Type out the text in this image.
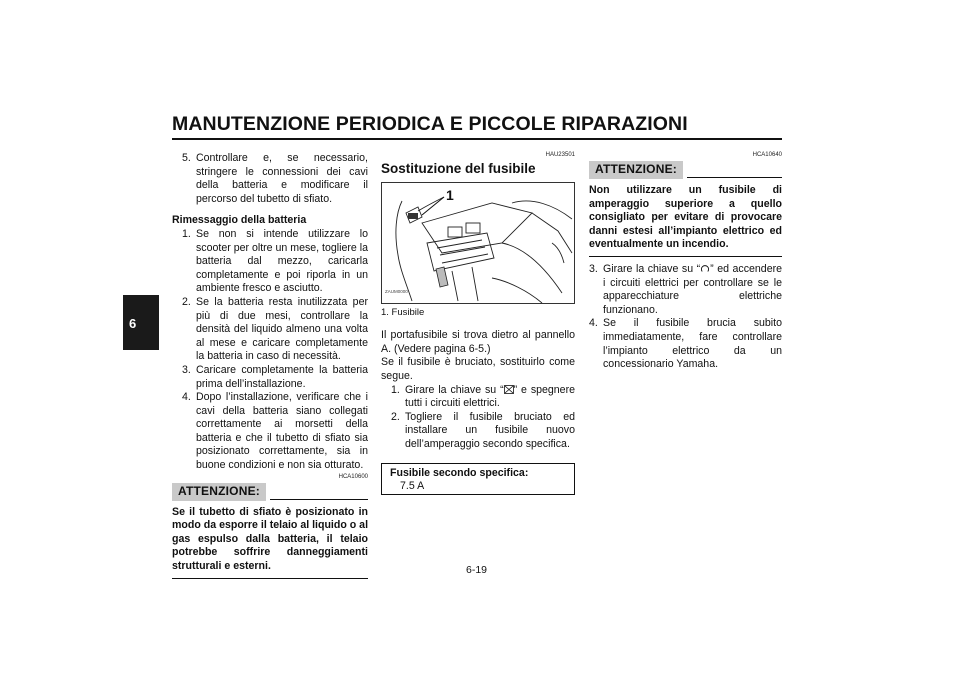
MANUTENZIONE PERIODICA E PICCOLE RIPARAZIONI
6

5. Controllare e, se necessario, stringere le connessioni dei cavi della batteria e modificare il percorso del tubetto di sfiato.

Rimessaggio della batteria

1. Se non si intende utilizzare lo scooter per oltre un mese, togliere la batteria dal mezzo, caricarla completamente e poi riporla in un ambiente fresco e asciutto.

2. Se la batteria resta inutilizzata per più di due mesi, controllare la densità del liquido almeno una volta al mese e caricare completamente la batteria in caso di necessità.

3. Caricare completamente la batteria prima dell’installazione.

4. Dopo l’installazione, verificare che i cavi della batteria siano collegati correttamente ai morsetti della batteria e che il tubetto di sfiato sia posizionato correttamente, sia in buone condizioni e non sia otturato.

HCA10600

ATTENZIONE:

Se il tubetto di sfiato è posizionato in modo da esporre il telaio al liquido o al gas espulso dalla batteria, il telaio potrebbe soffrire danneggiamenti strutturali e esterni.

HAU23501

Sostituzione del fusibile

1
ZAUM0000

1. Fusibile

Il portafusibile si trova dietro al pannello A. (Vedere pagina 6-5.)

Se il fusibile è bruciato, sostituirlo come segue.

1. Girare la chiave su “ ” e spegnere tutti i circuiti elettrici.

2. Togliere il fusibile bruciato ed installare un fusibile nuovo dell’amperaggio secondo specifica.

Fusibile secondo specifica:

7.5 A

HCA10640

ATTENZIONE:

Non utilizzare un fusibile di amperaggio superiore a quello consigliato per evitare di provocare danni estesi all’impianto elettrico ed eventualmente un incendio.

3. Girare la chiave su “ ” ed accendere i circuiti elettrici per controllare se le apparecchiature elettriche funzionano.

4. Se il fusibile brucia subito immediatamente, fare controllare l’impianto elettrico da un concessionario Yamaha.

6-19
